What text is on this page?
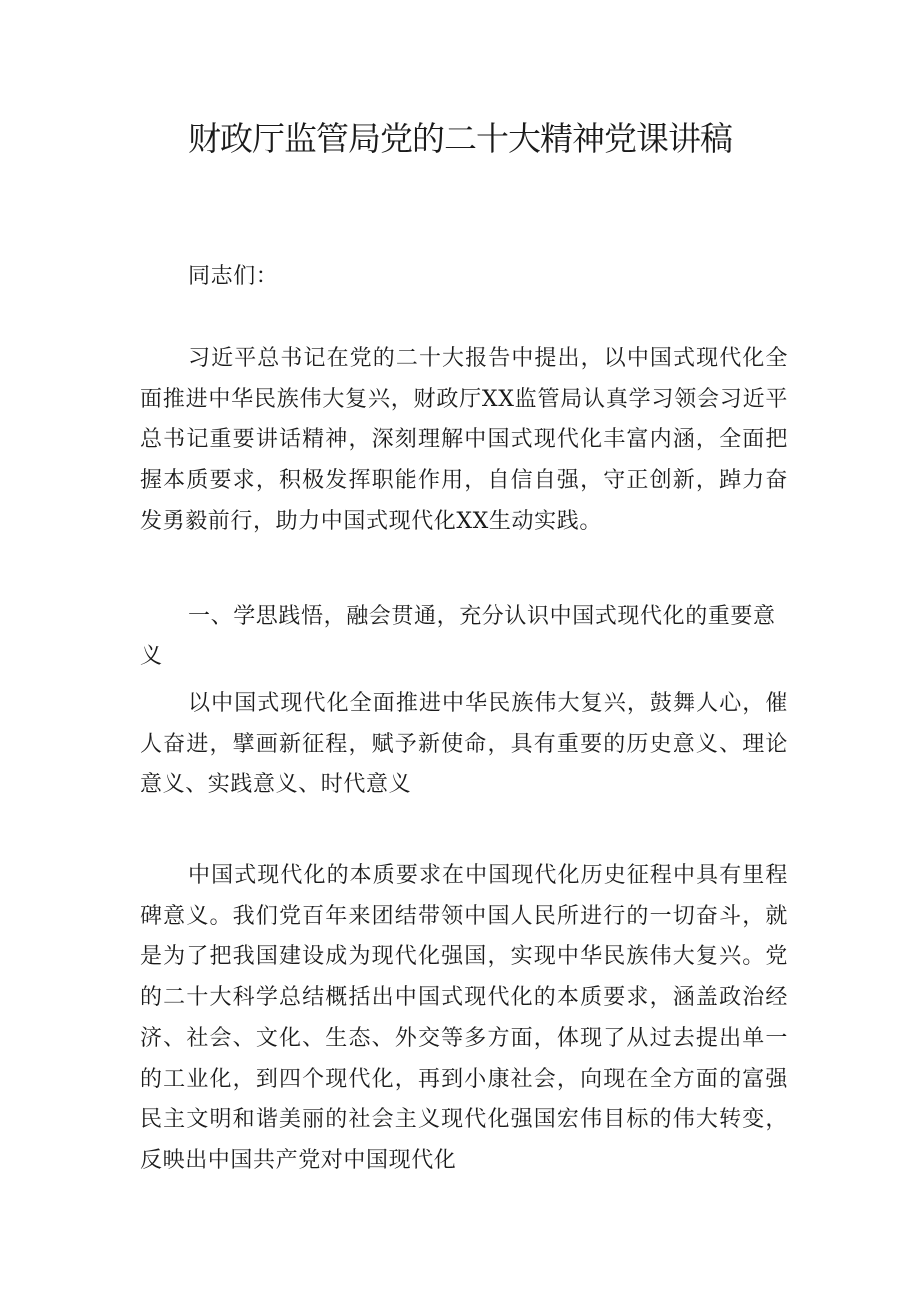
财政厅监管局党的二十大精神党课讲稿

同志们：

习近平总书记在党的二十大报告中提出，以中国式现代化全面推进中华民族伟大复兴，财政厅XX监管局认真学习领会习近平总书记重要讲话精神，深刻理解中国式现代化丰富内涵，全面把握本质要求，积极发挥职能作用，自信自强，守正创新，踔力奋发勇毅前行，助力中国式现代化XX生动实践。

一、学思践悟，融会贯通，充分认识中国式现代化的重要意义

以中国式现代化全面推进中华民族伟大复兴，鼓舞人心，催人奋进，擘画新征程，赋予新使命，具有重要的历史意义、理论意义、实践意义、时代意义

中国式现代化的本质要求在中国现代化历史征程中具有里程碑意义。我们党百年来团结带领中国人民所进行的一切奋斗，就是为了把我国建设成为现代化强国，实现中华民族伟大复兴。党的二十大科学总结概括出中国式现代化的本质要求，涵盖政治经济、社会、文化、生态、外交等多方面，体现了从过去提出单一的工业化，到四个现代化，再到小康社会，向现在全方面的富强民主文明和谐美丽的社会主义现代化强国宏伟目标的伟大转变，反映出中国共产党对中国现代化
